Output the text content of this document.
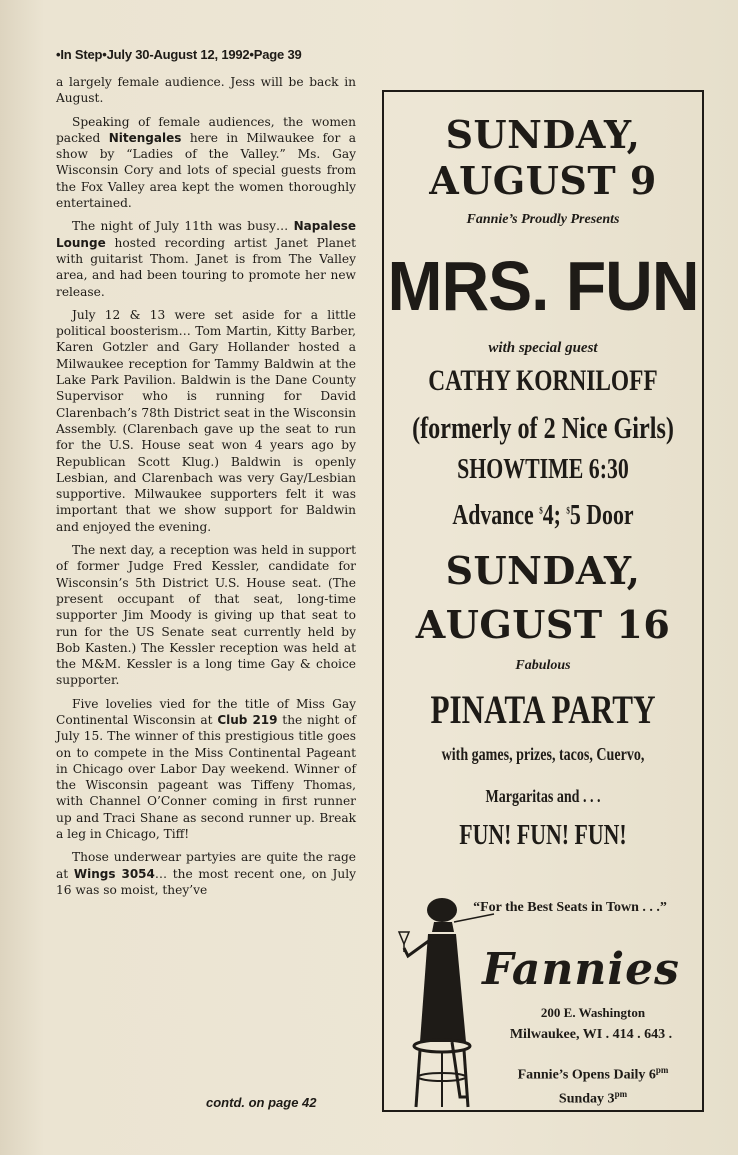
•In Step•July 30-August 12, 1992•Page 39

a largely female audience. Jess will be back in August.

Speaking of female audiences, the women packed Nitengales here in Milwaukee for a show by “Ladies of the Valley.” Ms. Gay Wisconsin Cory and lots of special guests from the Fox Valley area kept the women thoroughly entertained.

The night of July 11th was busy… Napalese Lounge hosted recording artist Janet Planet with guitarist Thom. Janet is from The Valley area, and had been touring to promote her new release.

July 12 & 13 were set aside for a little political boosterism… Tom Martin, Kitty Barber, Karen Gotzler and Gary Hollander hosted a Milwaukee reception for Tammy Baldwin at the Lake Park Pavilion. Baldwin is the Dane County Supervisor who is running for David Clarenbach’s 78th District seat in the Wisconsin Assembly. (Clarenbach gave up the seat to run for the U.S. House seat won 4 years ago by Republican Scott Klug.) Baldwin is openly Lesbian, and Clarenbach was very Gay/Lesbian supportive. Milwaukee supporters felt it was important that we show support for Baldwin and enjoyed the evening.

The next day, a reception was held in support of former Judge Fred Kessler, candidate for Wisconsin’s 5th District U.S. House seat. (The present occupant of that seat, long-time supporter Jim Moody is giving up that seat to run for the US Senate seat currently held by Bob Kasten.) The Kessler reception was held at the M&M. Kessler is a long time Gay & choice supporter.

Five lovelies vied for the title of Miss Gay Continental Wisconsin at Club 219 the night of July 15. The winner of this prestigious title goes on to compete in the Miss Continental Pageant in Chicago over Labor Day weekend. Winner of the Wisconsin pageant was Tiffeny Thomas, with Channel O’Conner coming in first runner up and Traci Shane as second runner up. Break a leg in Chicago, Tiff!

Those underwear partyies are quite the rage at Wings 3054… the most recent one, on July 16 was so moist, they’ve

contd. on page 42
SUNDAY,
AUGUST 9
Fannie’s Proudly Presents
MRS. FUN
with special guest
CATHY KORNILOFF
(formerly of 2 Nice Girls)
SHOWTIME 6:30
Advance $4; $5 Door
SUNDAY,
AUGUST 16
Fabulous
PINATA PARTY
with games, prizes, tacos, Cuervo,
Margaritas and . . .
FUN! FUN! FUN!
“For the Best Seats in Town . . .”
Fannies
200 E. Washington
Milwaukee, WI . 414 . 643 .
Fannie’s Opens Daily $6^{pm}$
Sunday $3^{pm}$
